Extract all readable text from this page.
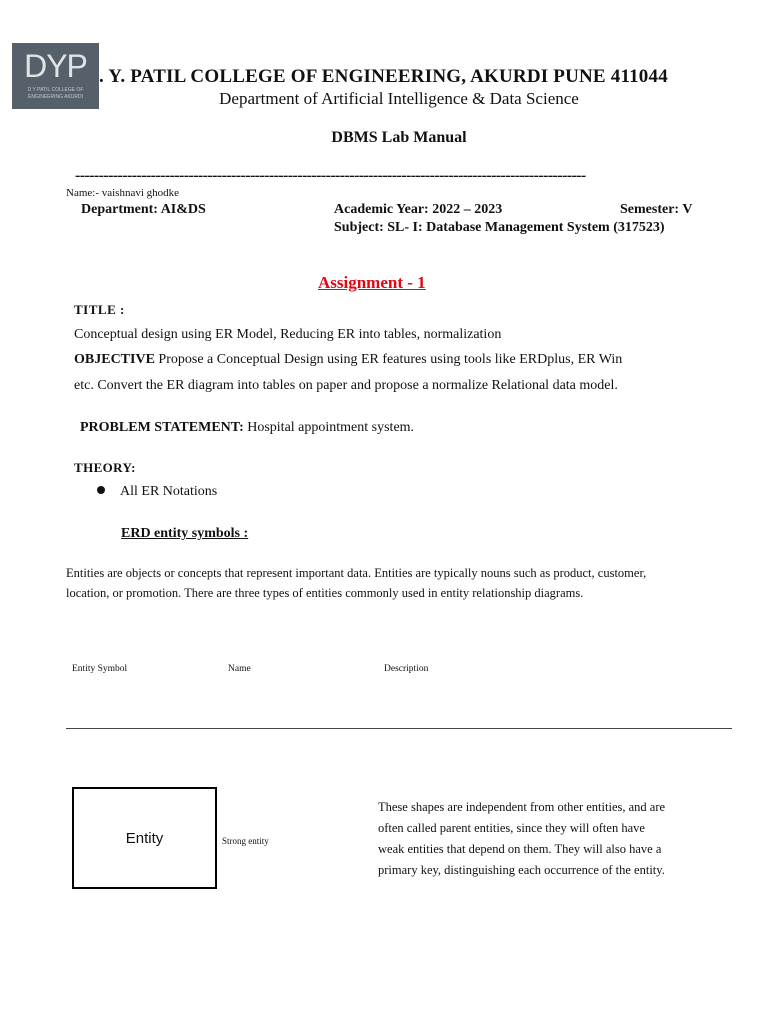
DYP
D Y PATIL COLLEGE OF ENGINEERING AKURDI
. Y. PATIL COLLEGE OF ENGINEERING, AKURDI PUNE 411044
Department of Artificial Intelligence & Data Science
DBMS Lab Manual
------------------------------------------------------------------------------------------------------------
Name:- vaishnavi ghodke
Department: AI&DS	Academic Year: 2022 – 2023	Semester: V
Subject: SL- I: Database Management System (317523)
Assignment - 1
TITLE :
Conceptual design using ER Model, Reducing ER into tables, normalization
OBJECTIVE Propose a Conceptual Design using ER features using tools like ERDplus, ER Win
etc. Convert the ER diagram into tables on paper and propose a normalize Relational data model.
PROBLEM STATEMENT: Hospital appointment system.
THEORY:
All ER Notations
ERD entity symbols :
Entities are objects or concepts that represent important data. Entities are typically nouns such as product, customer,
location, or promotion. There are three types of entities commonly used in entity relationship diagrams.
Entity Symbol	Name	Description
Entity	Strong entity
These shapes are independent from other entities, and are
often called parent entities, since they will often have
weak entities that depend on them. They will also have a
primary key, distinguishing each occurrence of the entity.
